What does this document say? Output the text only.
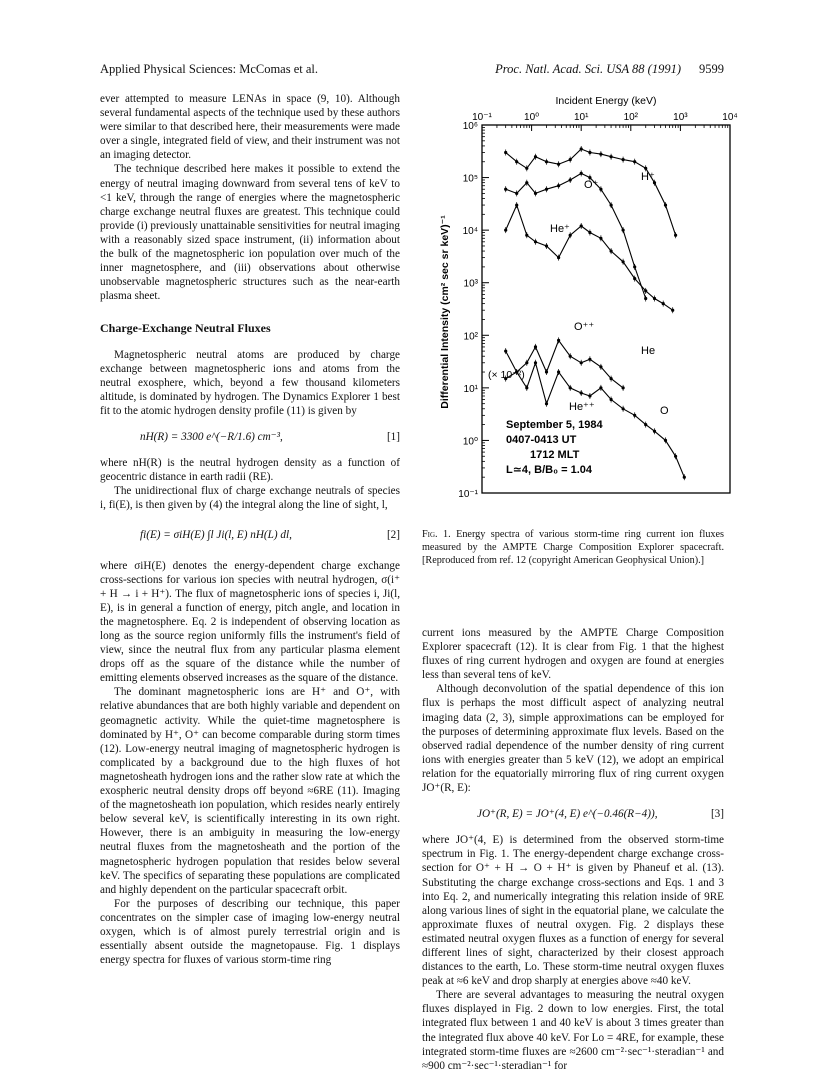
Applied Physical Sciences: McComas et al.	Proc. Natl. Acad. Sci. USA 88 (1991) 9599

ever attempted to measure LENAs in space (9, 10). Although several fundamental aspects of the technique used by these authors were similar to that described here, their measurements were made over a single, integrated field of view, and their instrument was not an imaging detector.

The technique described here makes it possible to extend the energy of neutral imaging downward from several tens of keV to <1 keV, through the range of energies where the magnetospheric charge exchange neutral fluxes are greatest. This technique could provide (i) previously unattainable sensitivities for neutral imaging with a reasonably sized space instrument, (ii) information about the bulk of the magnetospheric ion population over much of the inner magnetosphere, and (iii) observations about otherwise unobservable magnetospheric structures such as the near-earth plasma sheet.

Charge-Exchange Neutral Fluxes

Magnetospheric neutral atoms are produced by charge exchange between magnetospheric ions and atoms from the neutral exosphere, which, beyond a few thousand kilometers altitude, is dominated by hydrogen. The Dynamics Explorer 1 best fit to the atomic hydrogen density profile (11) is given by

nH(R) = 3300 e^(−R/1.6) cm⁻³,	[1]

where nH(R) is the neutral hydrogen density as a function of geocentric distance in earth radii (RE).

The unidirectional flux of charge exchange neutrals of species i, fi(E), is then given by (4) the integral along the line of sight, l,

fi(E) = σiH(E) ∫l Ji(l, E) nH(L) dl,	[2]

where σiH(E) denotes the energy-dependent charge exchange cross-sections for various ion species with neutral hydrogen, σ(i⁺ + H → i + H⁺). The flux of magnetospheric ions of species i, Ji(l, E), is in general a function of energy, pitch angle, and location in the magnetosphere. Eq. 2 is independent of observing location as long as the source region uniformly fills the instrument's field of view, since the neutral flux from any particular plasma element drops off as the square of the distance while the number of emitting elements observed increases as the square of the distance.

The dominant magnetospheric ions are H⁺ and O⁺, with relative abundances that are both highly variable and dependent on geomagnetic activity. While the quiet-time magnetosphere is dominated by H⁺, O⁺ can become comparable during storm times (12). Low-energy neutral imaging of magnetospheric hydrogen is complicated by a background due to the high fluxes of hot magnetosheath hydrogen ions and the rather slow rate at which the exospheric neutral density drops off beyond ≈6RE (11). Imaging of the magnetosheath ion population, which resides nearly entirely below several keV, is scientifically interesting in its own right. However, there is an ambiguity in measuring the low-energy neutral fluxes from the magnetosheath and the portion of the magnetospheric hydrogen population that resides below several keV. The specifics of separating these populations are complicated and highly dependent on the particular spacecraft orbit.

For the purposes of describing our technique, this paper concentrates on the simpler case of imaging low-energy neutral oxygen, which is of almost purely terrestrial origin and is essentially absent outside the magnetopause. Fig. 1 displays energy spectra for fluxes of various storm-time ring

Incident Energy (keV)
Differential Intensity (cm² sec sr keV)⁻¹
10⁻¹	10⁰	10¹	10²	10³	10⁴
10⁶
10⁵
10⁴
10³
10²
10¹
10⁰
10⁻¹
H⁺
O⁺
He⁺
O⁺⁺
He
(× 10⁻²)
He⁺⁺	O
September 5, 1984
0407-0413 UT
1712 MLT
L≃4, B/B₀ = 1.04
Fig. 1. Energy spectra of various storm-time ring current ion fluxes measured by the AMPTE Charge Composition Explorer spacecraft. [Reproduced from ref. 12 (copyright American Geophysical Union).]

current ions measured by the AMPTE Charge Composition Explorer spacecraft (12). It is clear from Fig. 1 that the highest fluxes of ring current hydrogen and oxygen are found at energies less than several tens of keV.

Although deconvolution of the spatial dependence of this ion flux is perhaps the most difficult aspect of analyzing neutral imaging data (2, 3), simple approximations can be employed for the purposes of determining approximate flux levels. Based on the observed radial dependence of the number density of ring current ions with energies greater than 5 keV (12), we adopt an empirical relation for the equatorially mirroring flux of ring current oxygen JO⁺(R, E):

JO⁺(R, E) = JO⁺(4, E) e^(−0.46(R−4)),	[3]

where JO⁺(4, E) is determined from the observed storm-time spectrum in Fig. 1. The energy-dependent charge exchange cross-section for O⁺ + H → O + H⁺ is given by Phaneuf et al. (13). Substituting the charge exchange cross-sections and Eqs. 1 and 3 into Eq. 2, and numerically integrating this relation inside of 9RE along various lines of sight in the equatorial plane, we calculate the approximate fluxes of neutral oxygen. Fig. 2 displays these estimated neutral oxygen fluxes as a function of energy for several different lines of sight, characterized by their closest approach distances to the earth, Lo. These storm-time neutral oxygen fluxes peak at ≈6 keV and drop sharply at energies above ≈40 keV.

There are several advantages to measuring the neutral oxygen fluxes displayed in Fig. 2 down to low energies. First, the total integrated flux between 1 and 40 keV is about 3 times greater than the integrated flux above 40 keV. For Lo = 4RE, for example, these integrated storm-time fluxes are ≈2600 cm⁻²·sec⁻¹·steradian⁻¹ and ≈900 cm⁻²·sec⁻¹·steradian⁻¹ for
